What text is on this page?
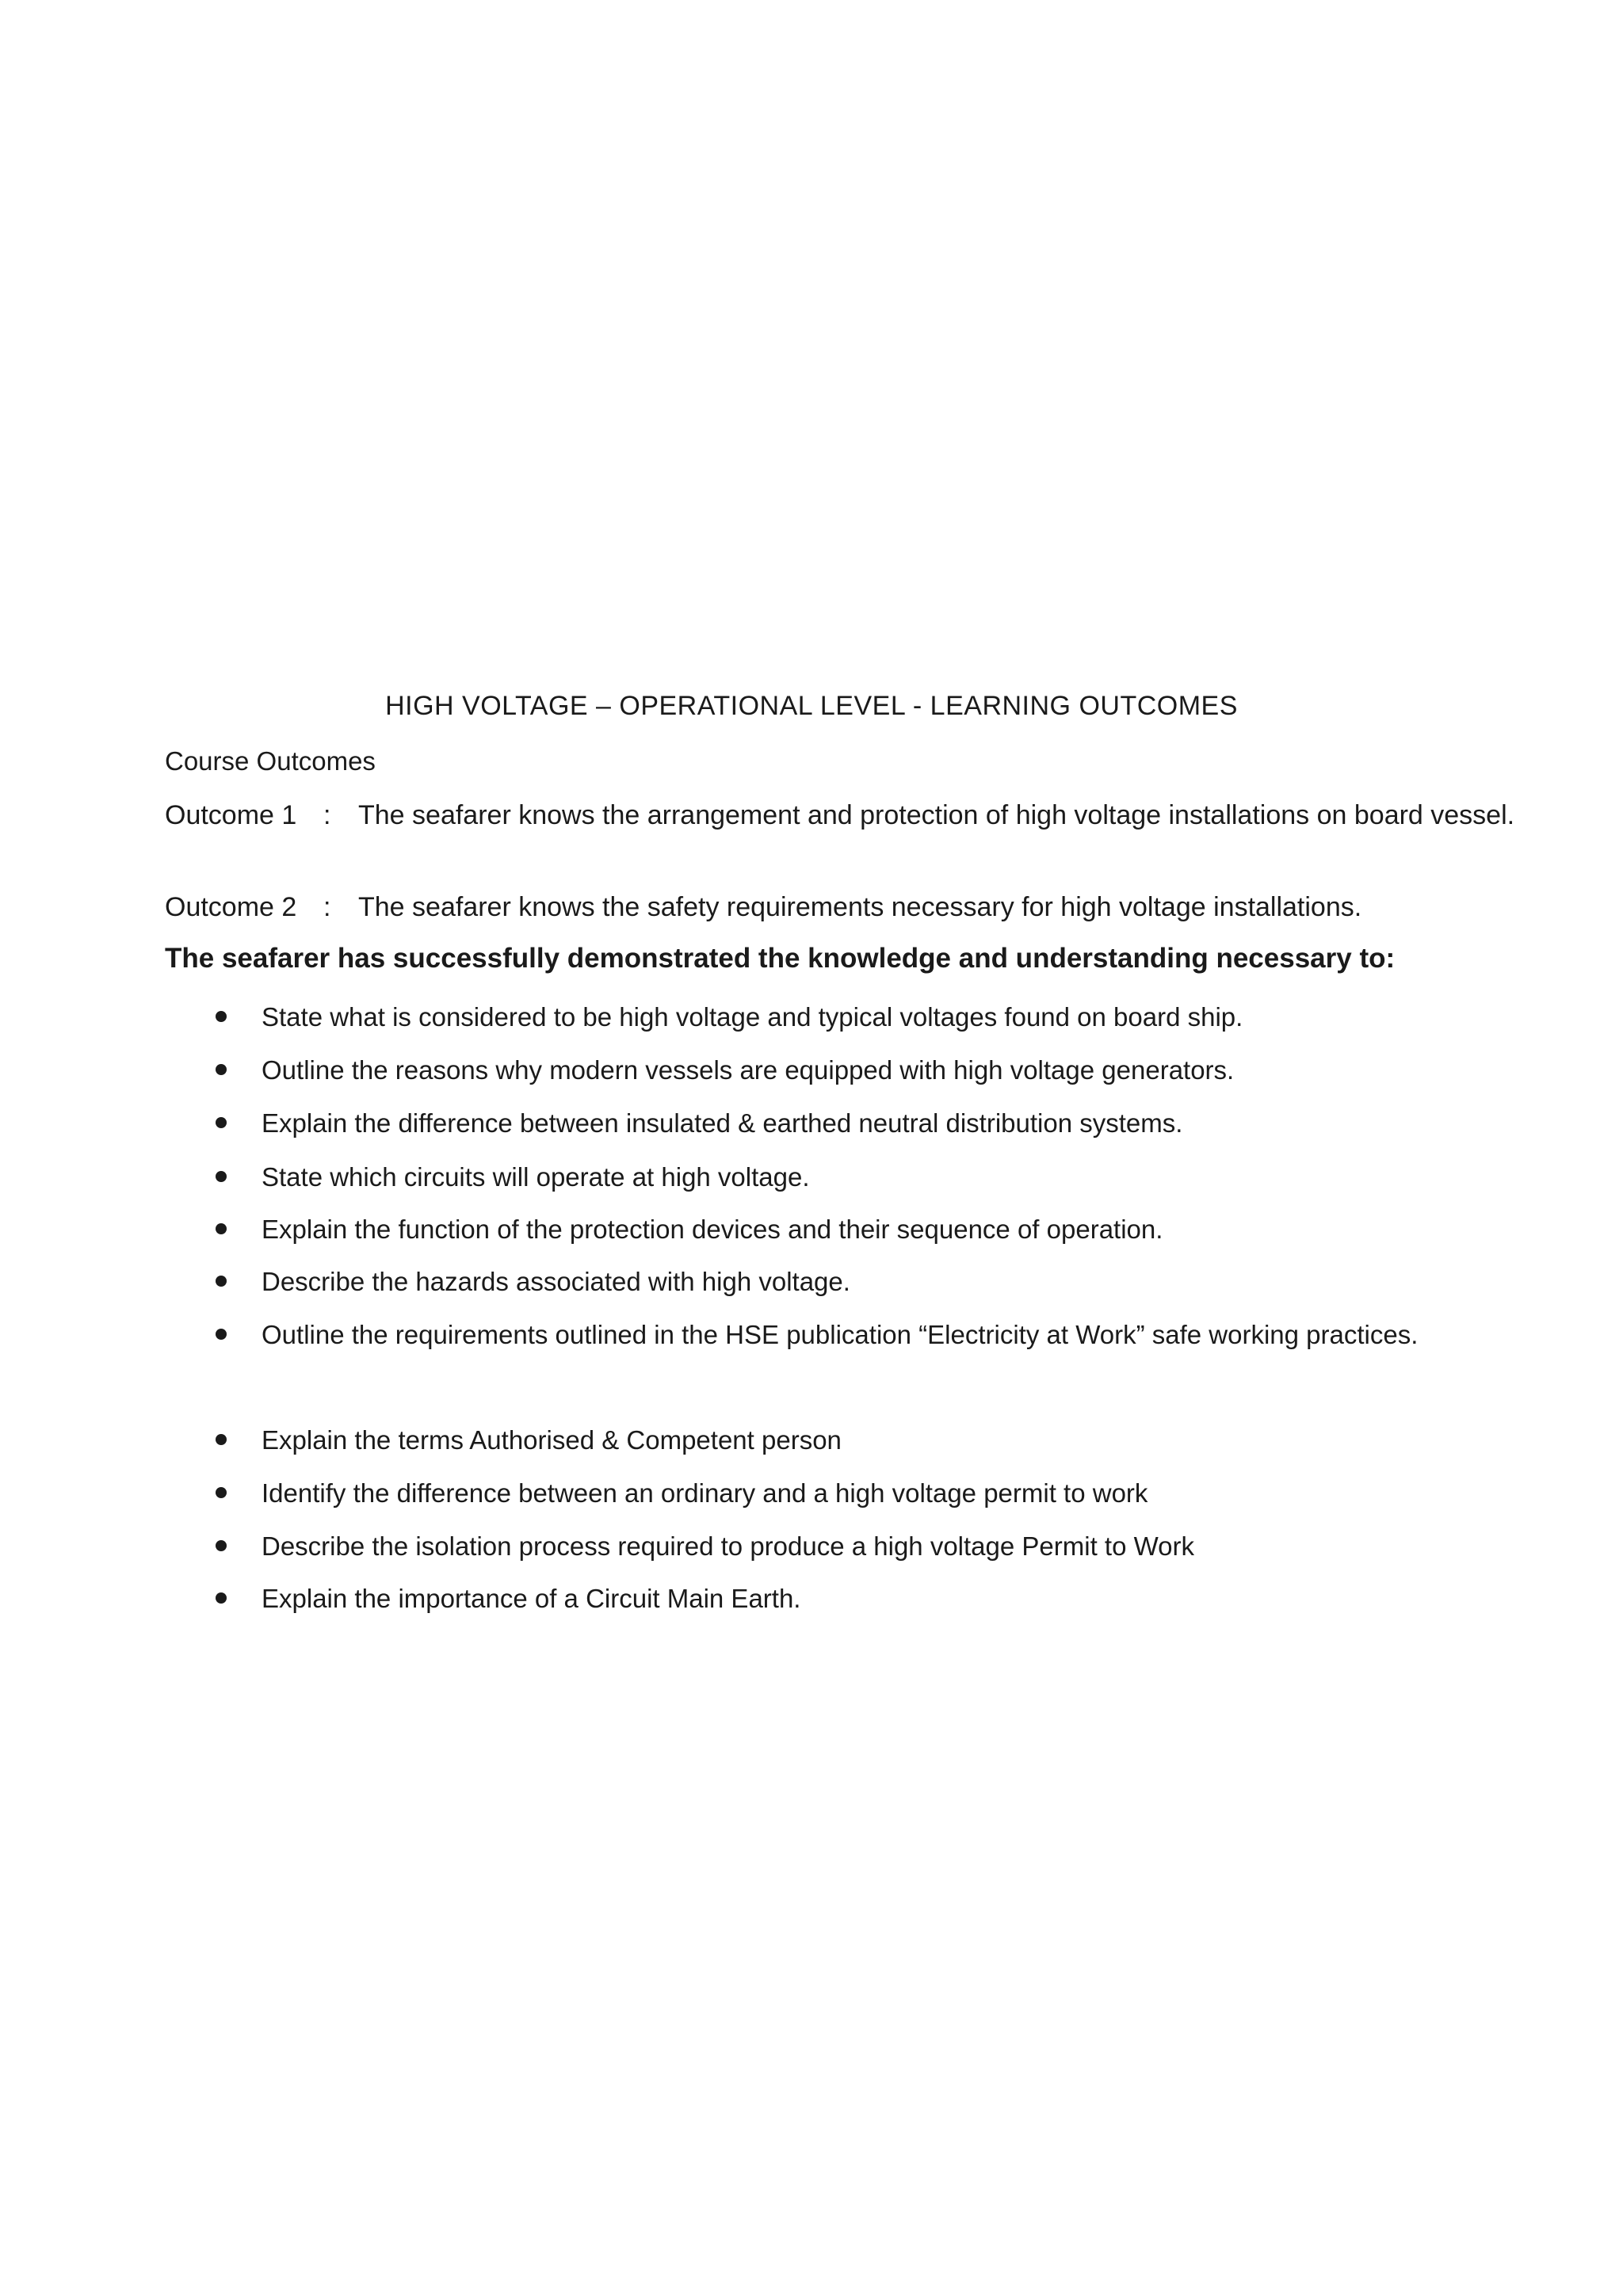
HIGH VOLTAGE – OPERATIONAL LEVEL - LEARNING OUTCOMES
Course Outcomes
Outcome 1 : The seafarer knows the arrangement and protection of high voltage installations on board vessel.
Outcome 2 : The seafarer knows the safety requirements necessary for high voltage installations.
The seafarer has successfully demonstrated the knowledge and understanding necessary to:
State what is considered to be high voltage and typical voltages found on board ship.
Outline the reasons why modern vessels are equipped with high voltage generators.
Explain the difference between insulated & earthed neutral distribution systems.
State which circuits will operate at high voltage.
Explain the function of the protection devices and their sequence of operation.
Describe the hazards associated with high voltage.
Outline the requirements outlined in the HSE publication “Electricity at Work” safe working practices.
Explain the terms Authorised & Competent person
Identify the difference between an ordinary and a high voltage permit to work
Describe the isolation process required to produce a high voltage Permit to Work
Explain the importance of a Circuit Main Earth.
